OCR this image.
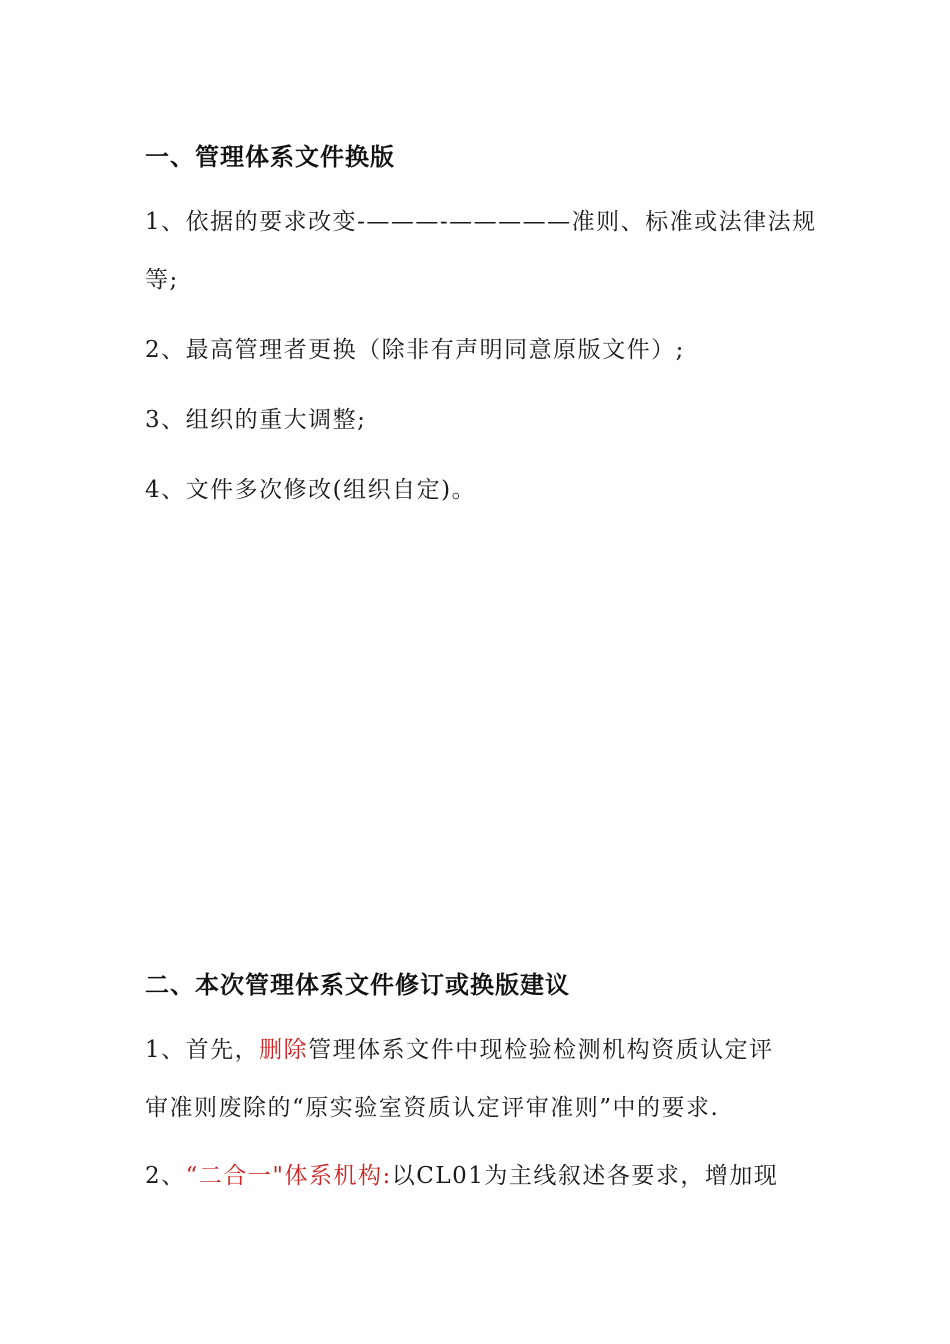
一、管理体系文件换版
1、依据的要求改变-———-—————准则、标准或法律法规
等;
2、最高管理者更换（除非有声明同意原版文件）;
3、组织的重大调整;
4、文件多次修改(组织自定)。
二、本次管理体系文件修订或换版建议
1、首先，删除管理体系文件中现检验检测机构资质认定评
审准则废除的“原实验室资质认定评审准则”中的要求.
2、“二合一"体系机构:以CL01为主线叙述各要求，增加现
